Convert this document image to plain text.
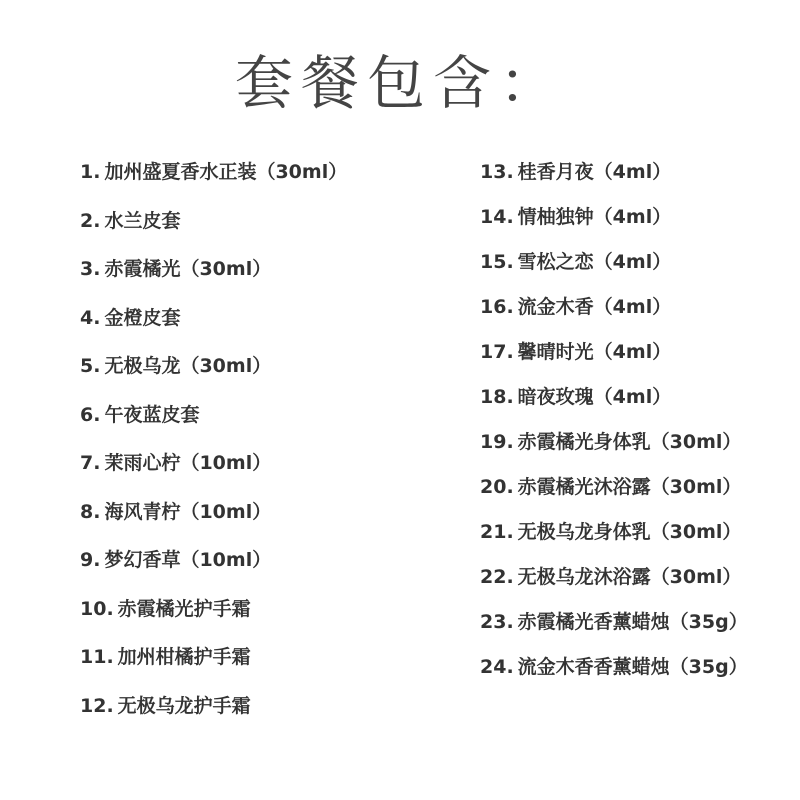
套餐包含：
1. 加州盛夏香水正装（30ml）
2. 水兰皮套
3. 赤霞橘光（30ml）
4. 金橙皮套
5. 无极乌龙（30ml）
6. 午夜蓝皮套
7. 茉雨心柠（10ml）
8. 海风青柠（10ml）
9. 梦幻香草（10ml）
10. 赤霞橘光护手霜
11. 加州柑橘护手霜
12. 无极乌龙护手霜
13. 桂香月夜（4ml）
14. 情柚独钟（4ml）
15. 雪松之恋（4ml）
16. 流金木香（4ml）
17. 馨晴时光（4ml）
18. 暗夜玫瑰（4ml）
19. 赤霞橘光身体乳（30ml）
20. 赤霞橘光沐浴露（30ml）
21. 无极乌龙身体乳（30ml）
22. 无极乌龙沐浴露（30ml）
23. 赤霞橘光香薰蜡烛（35g）
24. 流金木香香薰蜡烛（35g）
